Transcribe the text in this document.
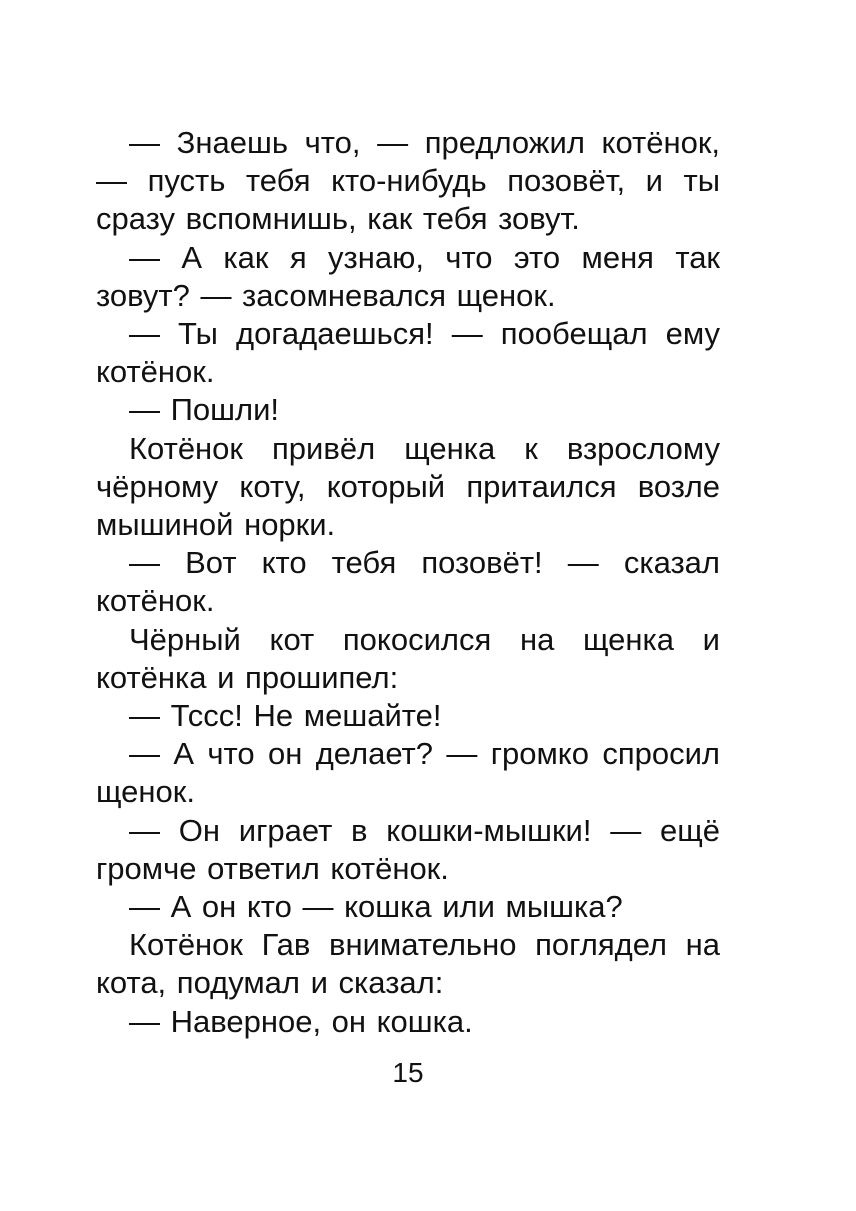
— Знаешь что, — предложил котёнок, — пусть тебя кто-нибудь позовёт, и ты сразу вспомнишь, как тебя зовут.

— А как я узнаю, что это меня так зовут? — засомневался щенок.

— Ты догадаешься! — пообещал ему котёнок.

— Пошли!

Котёнок привёл щенка к взрослому чёрному коту, который притаился возле мышиной норки.

— Вот кто тебя позовёт! — сказал котёнок.

Чёрный кот покосился на щенка и котёнка и прошипел:

— Тссс! Не мешайте!

— А что он делает? — громко спросил щенок.

— Он играет в кошки-мышки! — ещё громче ответил котёнок.

— А он кто — кошка или мышка?

Котёнок Гав внимательно поглядел на кота, подумал и сказал:

— Наверное, он кошка.

15
